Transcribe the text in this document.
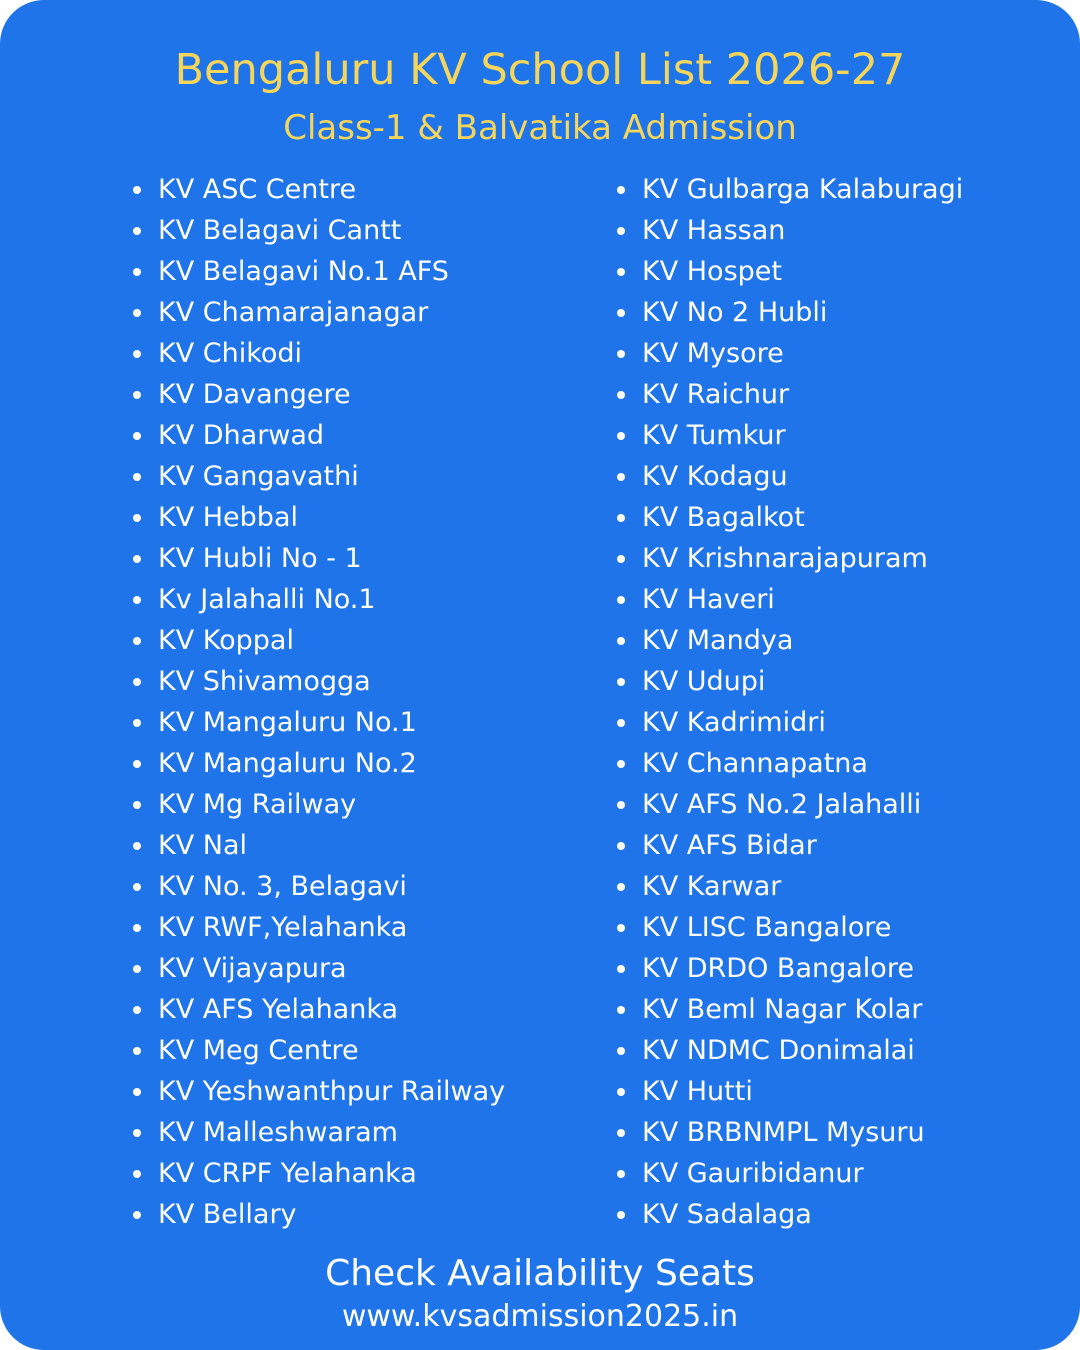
Bengaluru KV School List 2026-27
Class-1 & Balvatika Admission
KV ASC Centre
KV Belagavi Cantt
KV Belagavi No.1 AFS
KV Chamarajanagar
KV Chikodi
KV Davangere
KV Dharwad
KV Gangavathi
KV Hebbal
KV Hubli No - 1
Kv Jalahalli No.1
KV Koppal
KV Shivamogga
KV Mangaluru No.1
KV Mangaluru No.2
KV Mg Railway
KV Nal
KV No. 3, Belagavi
KV RWF,Yelahanka
KV Vijayapura
KV AFS Yelahanka
KV Meg Centre
KV Yeshwanthpur Railway
KV Malleshwaram
KV CRPF Yelahanka
KV Bellary
KV Gulbarga Kalaburagi
KV Hassan
KV Hospet
KV No 2 Hubli
KV Mysore
KV Raichur
KV Tumkur
KV Kodagu
KV Bagalkot
KV Krishnarajapuram
KV Haveri
KV Mandya
KV Udupi
KV Kadrimidri
KV Channapatna
KV AFS No.2 Jalahalli
KV AFS Bidar
KV Karwar
KV LISC Bangalore
KV DRDO Bangalore
KV Beml Nagar Kolar
KV NDMC Donimalai
KV Hutti
KV BRBNMPL Mysuru
KV Gauribidanur
KV Sadalaga
Check Availability Seats
www.kvsadmission2025.in
